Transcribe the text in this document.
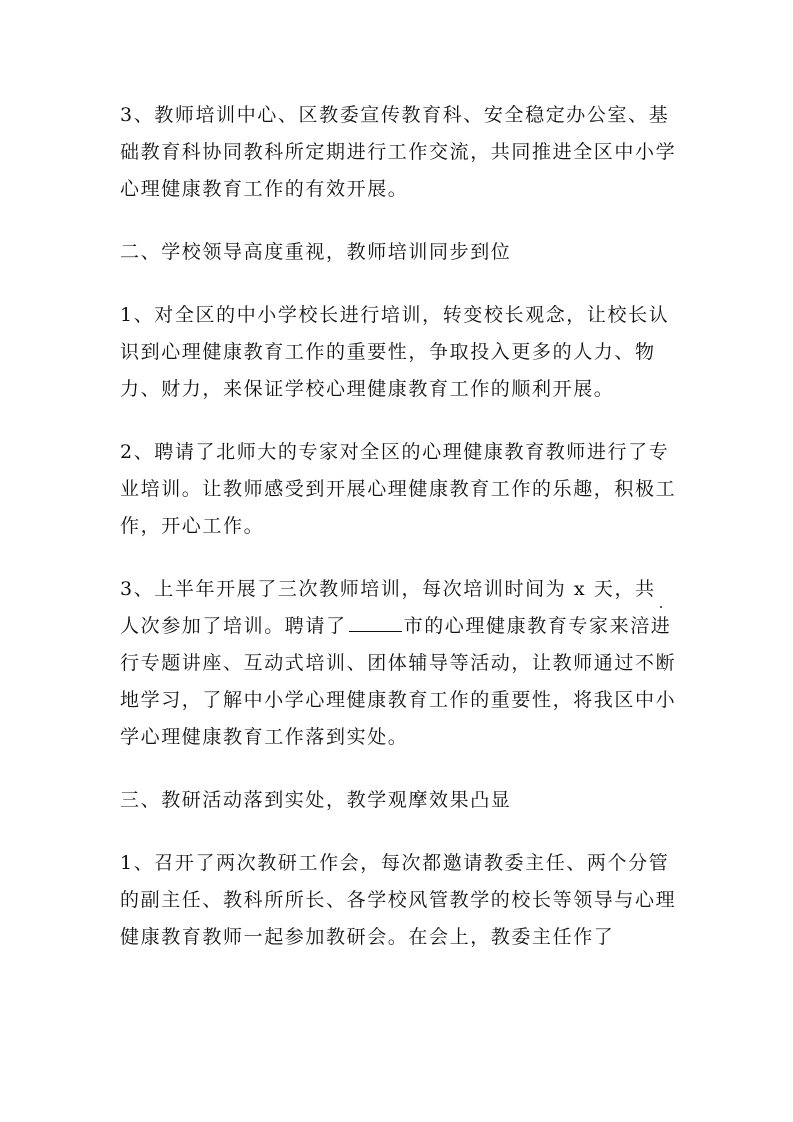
3、教师培训中心、区教委宣传教育科、安全稳定办公室、基础教育科协同教科所定期进行工作交流，共同推进全区中小学心理健康教育工作的有效开展。

二、学校领导高度重视，教师培训同步到位

1、对全区的中小学校长进行培训，转变校长观念，让校长认识到心理健康教育工作的重要性，争取投入更多的人力、物力、财力，来保证学校心理健康教育工作的顺利开展。

2、聘请了北师大的专家对全区的心理健康教育教师进行了专业培训。让教师感受到开展心理健康教育工作的乐趣，积极工作，开心工作。

3、上半年开展了三次教师培训，每次培训时间为 x 天，共人次参加了培训。聘请了	市的心理健康教育专家来涪进行专题讲座、互动式培训、团体辅导等活动，让教师通过不断地学习，了解中小学心理健康教育工作的重要性，将我区中小学心理健康教育工作落到实处。

三、教研活动落到实处，教学观摩效果凸显

1、召开了两次教研工作会，每次都邀请教委主任、两个分管的副主任、教科所所长、各学校风管教学的校长等领导与心理健康教育教师一起参加教研会。在会上，教委主任作了
